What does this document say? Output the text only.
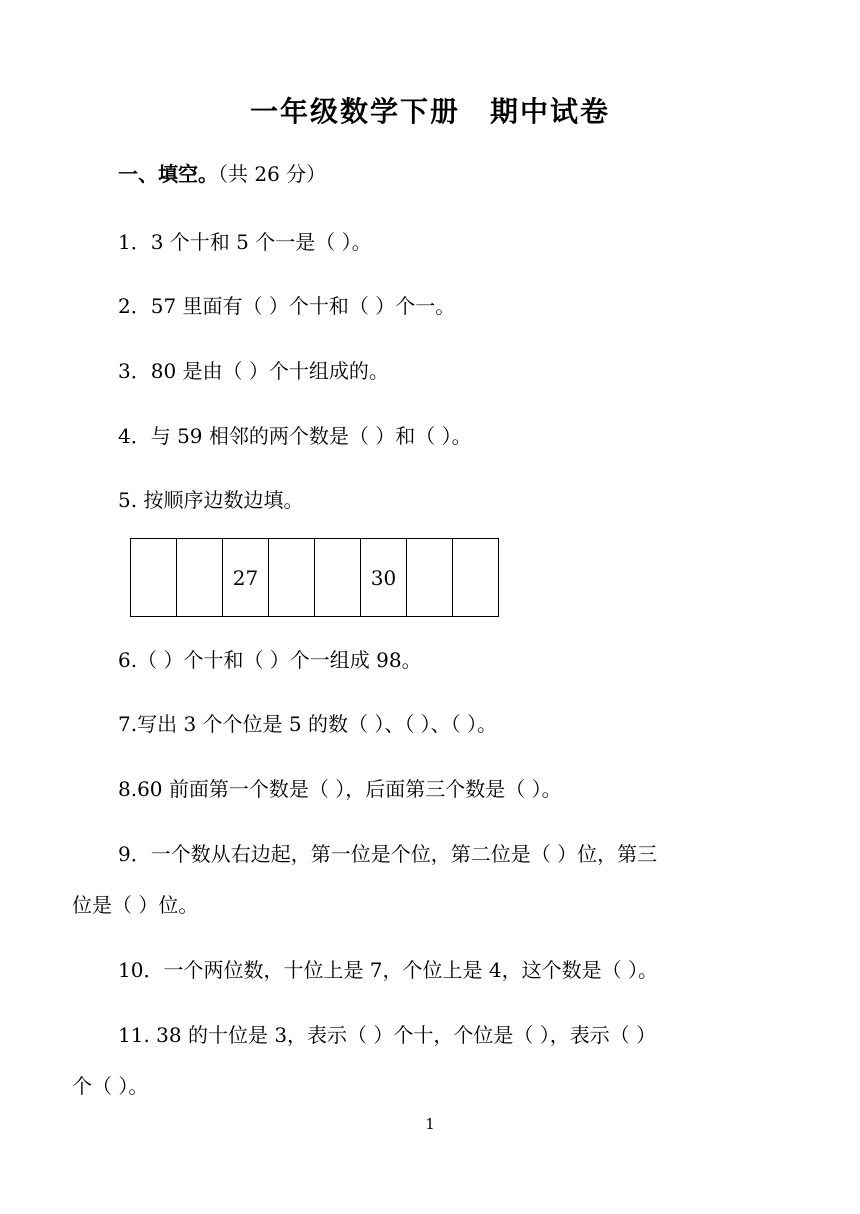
一年级数学下册 期中试卷
一、填空。（共 26 分）
1．3 个十和 5 个一是（ ）。
2．57 里面有（ ）个十和（ ）个一。
3．80 是由（ ）个十组成的。
4．与 59 相邻的两个数是（ ）和（ ）。
5. 按顺序边数边填。
		27			30		
6.（ ）个十和（ ）个一组成 98。
7.写出 3 个个位是 5 的数（ ）、（ ）、（ ）。
8.60 前面第一个数是（ ），后面第三个数是（ ）。
9．一个数从右边起，第一位是个位，第二位是（ ）位，第三
位是（ ）位。
10．一个两位数，十位上是 7，个位上是 4，这个数是（ ）。
11. 38 的十位是 3，表示（ ）个十，个位是（ ），表示（ ）
个（ ）。
1
